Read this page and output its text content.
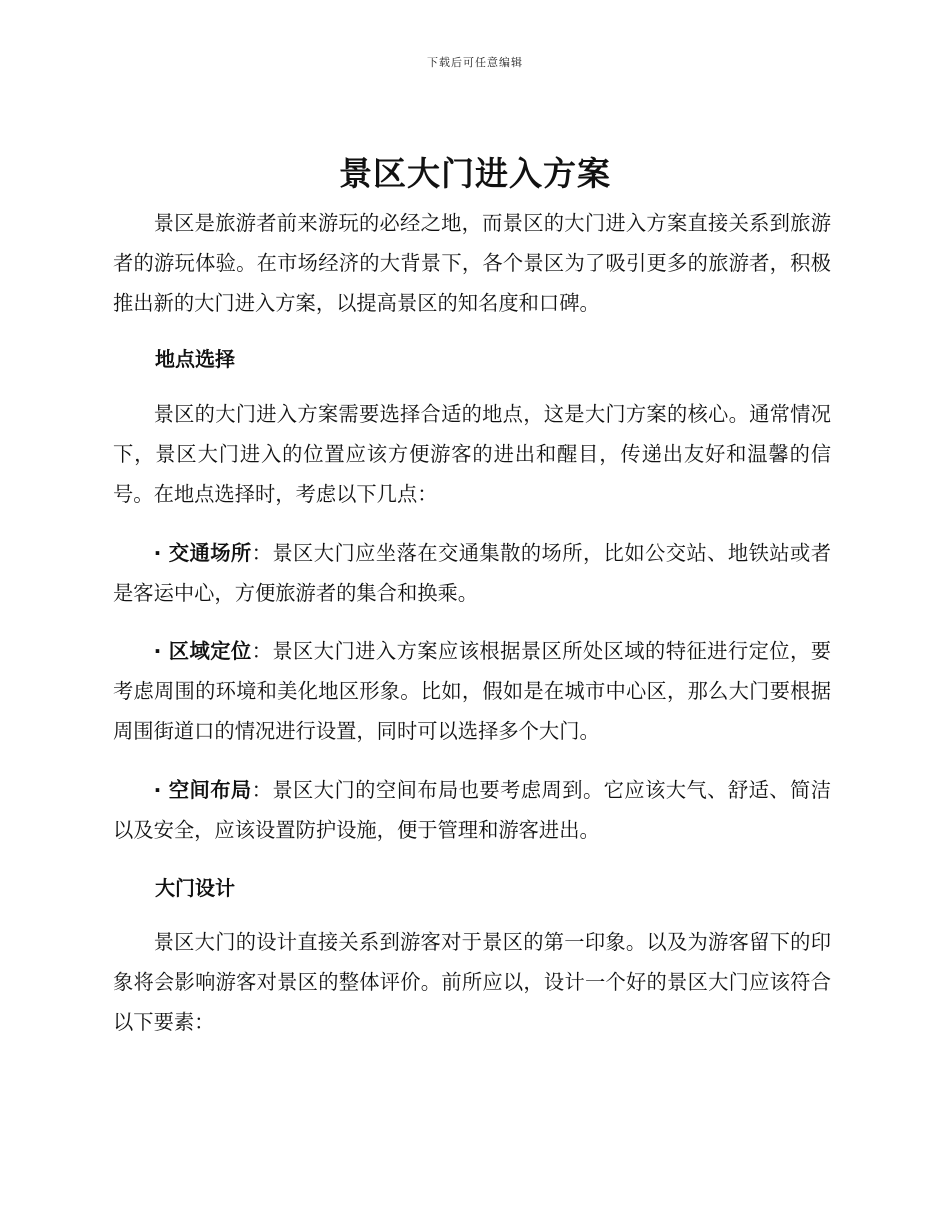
下载后可任意编辑
景区大门进入方案

景区是旅游者前来游玩的必经之地，而景区的大门进入方案直接关系到旅游者的游玩体验。在市场经济的大背景下，各个景区为了吸引更多的旅游者，积极推出新的大门进入方案，以提高景区的知名度和口碑。

地点选择

景区的大门进入方案需要选择合适的地点，这是大门方案的核心。通常情况下，景区大门进入的位置应该方便游客的进出和醒目，传递出友好和温馨的信号。在地点选择时，考虑以下几点：

· 交通场所：景区大门应坐落在交通集散的场所，比如公交站、地铁站或者是客运中心，方便旅游者的集合和换乘。

· 区域定位：景区大门进入方案应该根据景区所处区域的特征进行定位，要考虑周围的环境和美化地区形象。比如，假如是在城市中心区，那么大门要根据周围街道口的情况进行设置，同时可以选择多个大门。

· 空间布局：景区大门的空间布局也要考虑周到。它应该大气、舒适、简洁以及安全，应该设置防护设施，便于管理和游客进出。

大门设计

景区大门的设计直接关系到游客对于景区的第一印象。以及为游客留下的印象将会影响游客对景区的整体评价。前所应以，设计一个好的景区大门应该符合以下要素：
